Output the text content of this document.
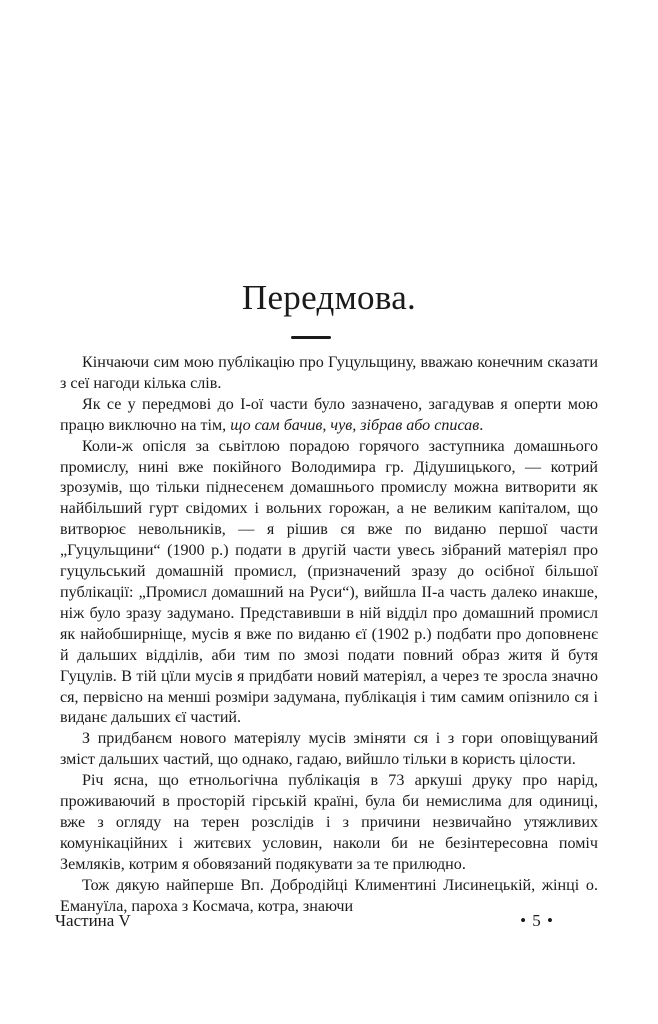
Передмова.

Кінчаючи сим мою публікацію про Гуцульщину, вважаю конечним сказати з сеї нагоди кілька слів.

Як се у передмові до І-ої части було зазначено, загадував я оперти мою працю виключно на тім, що сам бачив, чув, зібрав або списав.

Коли-ж опісля за сьвітлою порадою горячого заступника домашнього промислу, нині вже покійного Володимира гр. Дідушицького, — котрий зрозумів, що тільки піднесенєм домашнього промислу можна витворити як найбільший гурт свідомих і вольних горожан, а не великим капіталом, що витворює невольників, — я рішив ся вже по виданю першої части „Гуцульщини“ (1900 р.) подати в другій части увесь зібраний матеріял про гуцульський домашній промисл, (призначений зразу до осібної більшої публікації: „Промисл домашний на Руси“), вийшла II-а часть далеко инакше, ніж було зразу задумано. Представивши в ній відділ про домашний промисл як найобширніще, мусів я вже по виданю єї (1902 р.) подбати про доповненє й дальших відділів, аби тим по змозі подати повний образ житя й бутя Гуцулів. В тій цїли мусів я придбати новий матеріял, а через те зросла значно ся, первісно на менші розміри задумана, публікація і тим самим опізнило ся і виданє дальших єї частий.

З придбанєм нового матеріялу мусів зміняти ся і з гори оповіщуваний зміст дальших частий, що однако, гадаю, вийшло тільки в користь цілости.

Річ ясна, що етнольогічна публікація в 73 аркуші друку про нарід, проживаючий в просторій гірській країні, була би немислима для одиниці, вже з огляду на терен розслідів і з причини незвичайно утяжливих комунікаційних і житєвих условин, наколи би не безінтересовна поміч Земляків, котрим я обовязаний подякувати за те прилюдно.

Тож дякую найперше Вп. Добродійці Климентині Лисинецькій, жінці о. Емануїла, пароха з Космача, котра, знаючи

Частина V	• 5 •
